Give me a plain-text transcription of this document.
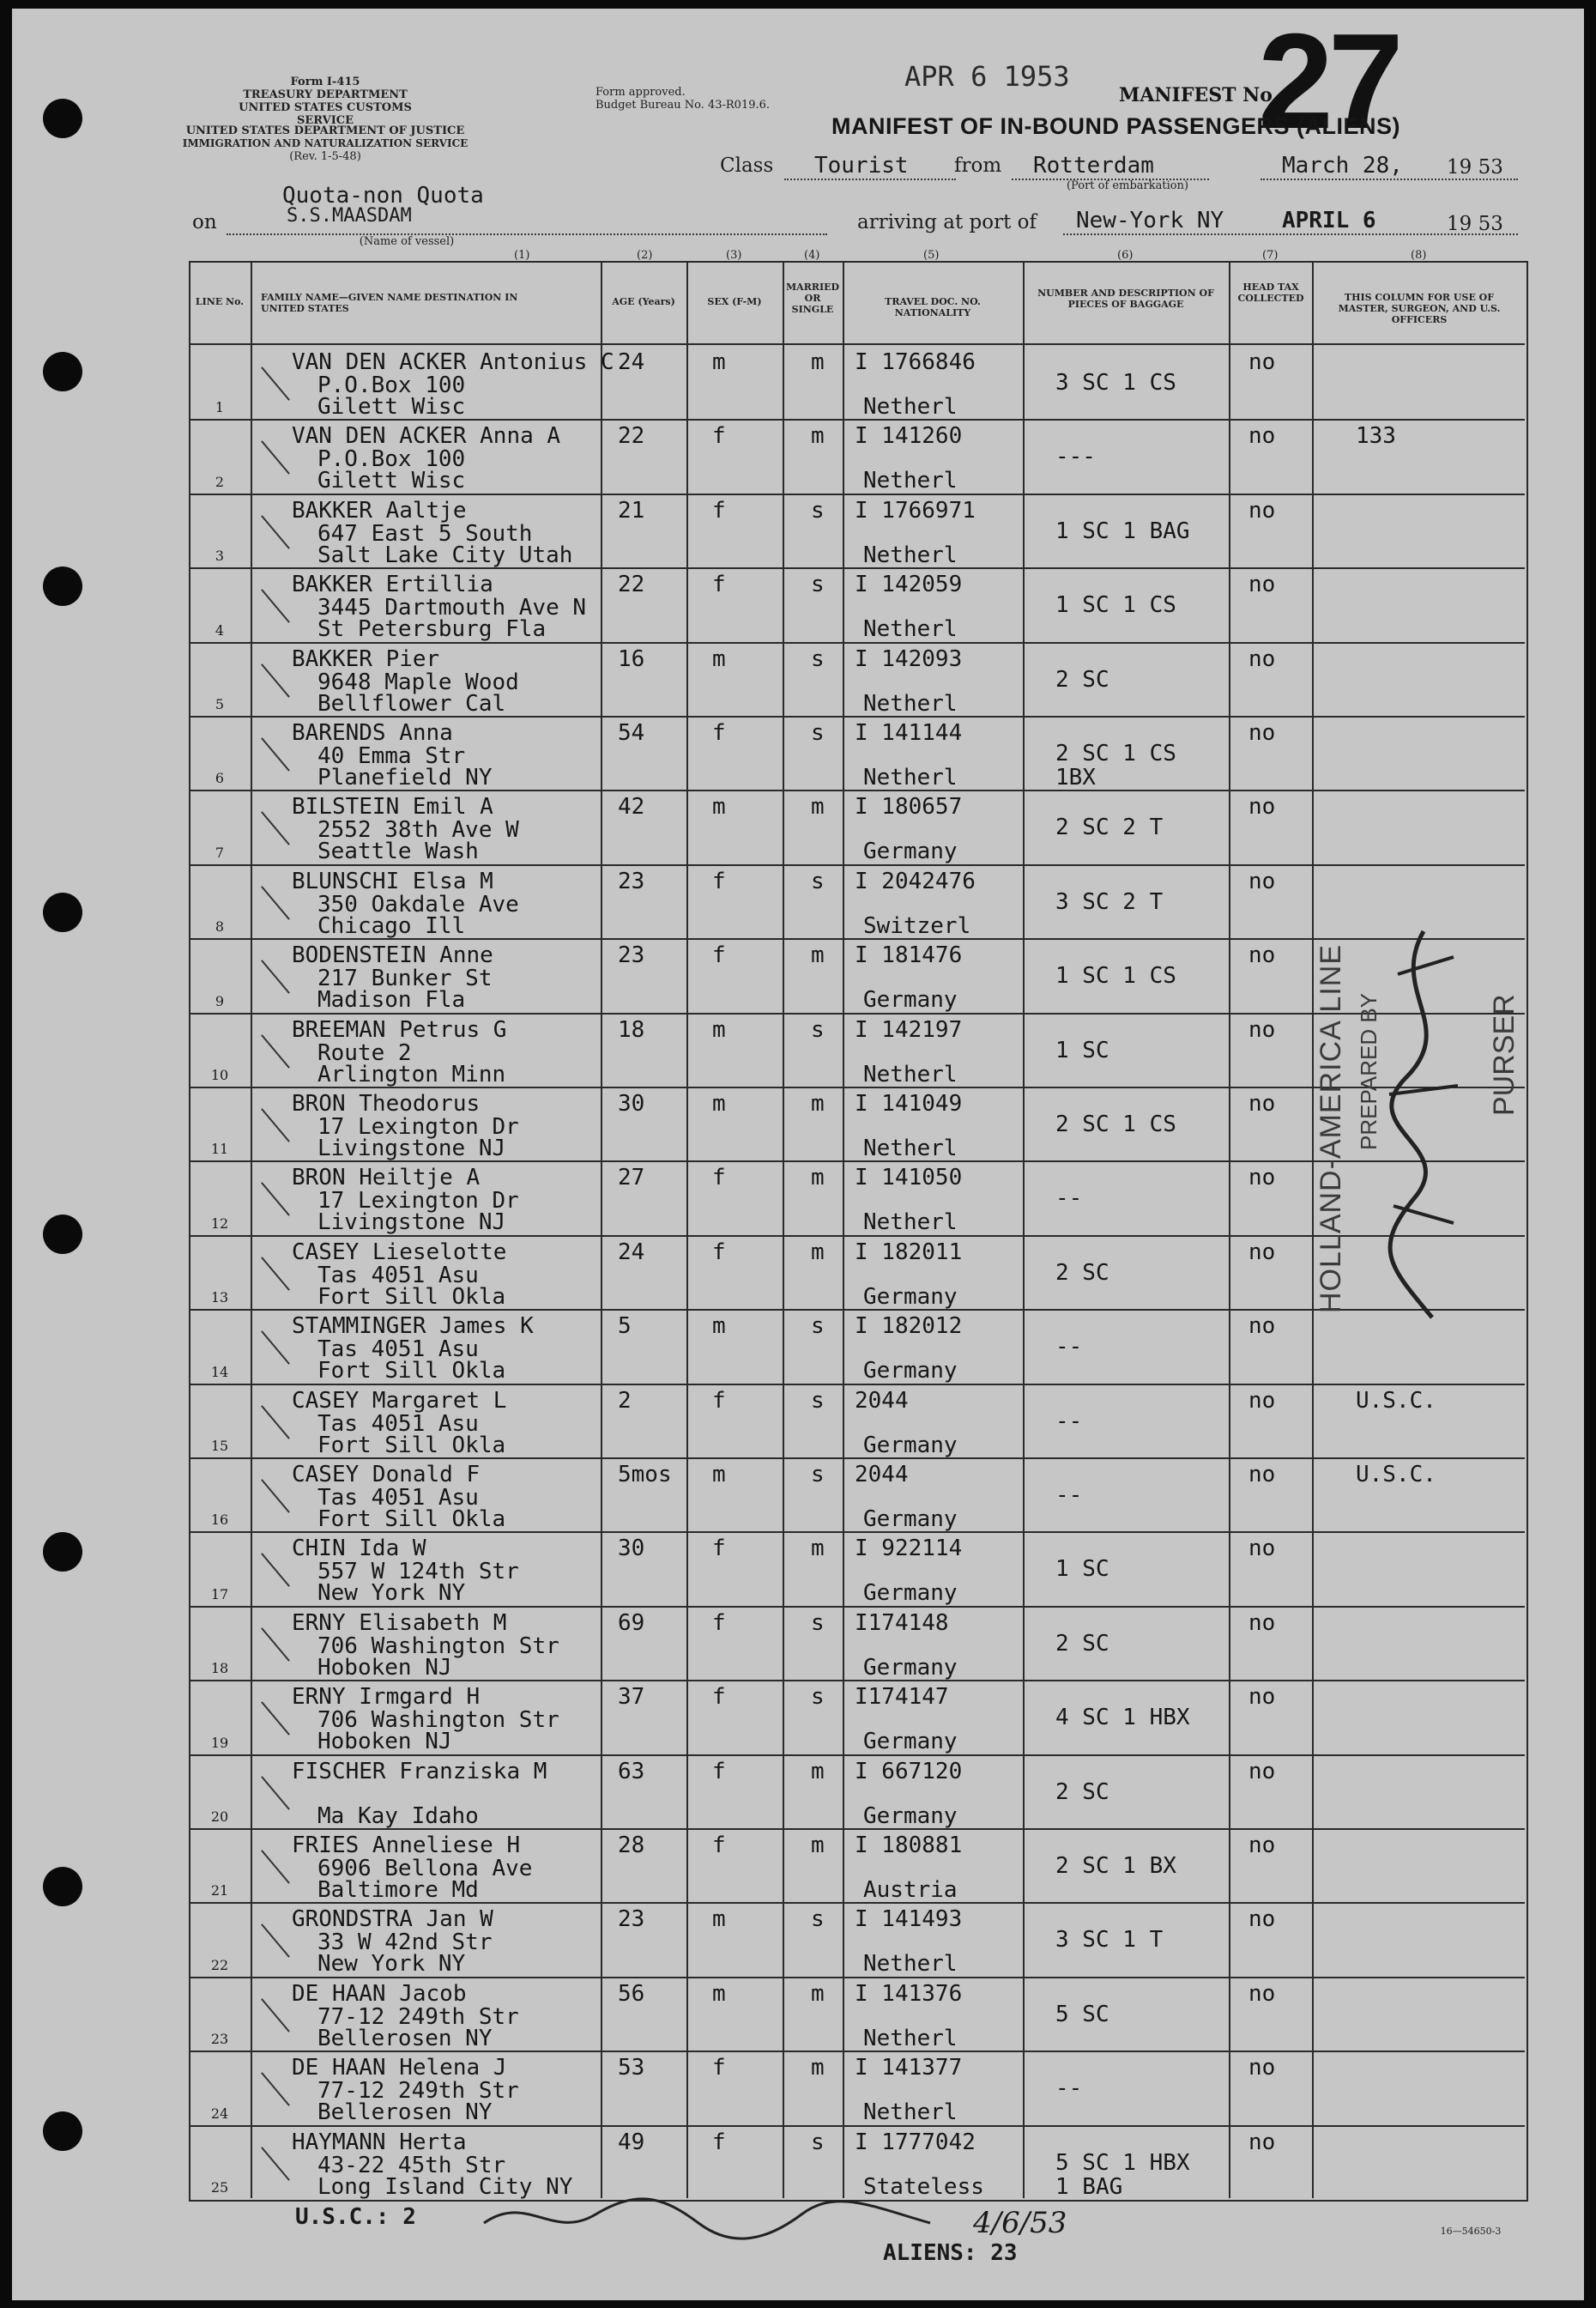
Form I-415
TREASURY DEPARTMENT
UNITED STATES CUSTOMS SERVICE
UNITED STATES DEPARTMENT OF JUSTICE
IMMIGRATION AND NATURALIZATION SERVICE
(Rev. 1-5-48)
Form approved.
Budget Bureau No. 43-R019.6.
APR 6 1953
MANIFEST No.
27
MANIFEST OF IN-BOUND PASSENGERS (ALIENS)
Class Tourist from Rotterdam
(Port of embarkation)
March 28, 19 53
Quota-non Quota
on	S.S.MAASDAM
(Name of vessel)
arriving at port of New-York NY	APRIL 6	19 53
(1)	(2)	(3)	(4)	(5)	(6)	(7)	(8)
LINE No. FAMILY NAME—GIVEN NAME DESTINATION IN UNITED STATES
AGE (Years)	SEX (F-M)
MARRIED OR SINGLE
TRAVEL DOC. NO. NATIONALITY
NUMBER AND DESCRIPTION OF PIECES OF BAGGAGE
HEAD TAX COLLECTED	THIS COLUMN FOR USE OF MASTER, SURGEON, AND U.S. OFFICERS
1
VAN DEN ACKER Antonius C
P.O.Box 100
Gilett Wisc
24	m	m I 1766846
Netherl
3 SC 1 CS
no
2
VAN DEN ACKER Anna A
P.O.Box 100
Gilett Wisc
22	f	m I 141260
Netherl
---
no	133
3
BAKKER Aaltje
647 East 5 South
Salt Lake City Utah
21	f	s I 1766971
Netherl
1 SC 1 BAG
no
4
BAKKER Ertillia
3445 Dartmouth Ave N
St Petersburg Fla
22	f	s I 142059
Netherl
1 SC 1 CS
no
5
BAKKER Pier
9648 Maple Wood
Bellflower Cal
16	m	s I 142093
Netherl
2 SC
no
6
BARENDS Anna
40 Emma Str
Planefield NY
54	f	s I 141144
Netherl
2 SC 1 CS
1BX
no
7
BILSTEIN Emil A
2552 38th Ave W
Seattle Wash
42	m	m I 180657
Germany
2 SC 2 T
no
8
BLUNSCHI Elsa M
350 Oakdale Ave
Chicago Ill
23	f	s I 2042476
Switzerl
3 SC 2 T
no
9
BODENSTEIN Anne
217 Bunker St
Madison Fla
23	f	m I 181476
Germany
1 SC 1 CS
no
10
BREEMAN Petrus G
Route 2
Arlington Minn
18	m	s I 142197
Netherl
1 SC
no
11
BRON Theodorus
17 Lexington Dr
Livingstone NJ
30	m	m I 141049
Netherl
2 SC 1 CS
no
12
BRON Heiltje A
17 Lexington Dr
Livingstone NJ
27	f	m I 141050
Netherl
--
no
13
CASEY Lieselotte
Tas 4051 Asu
Fort Sill Okla
24	f	m I 182011
Germany
2 SC
no
14
STAMMINGER James K
Tas 4051 Asu
Fort Sill Okla
5	m	s I 182012
Germany
--
no
15
CASEY Margaret L
Tas 4051 Asu
Fort Sill Okla
2	f	s 2044
Germany
--
no	U.S.C.
16
CASEY Donald F
Tas 4051 Asu
Fort Sill Okla
5mos m	s 2044
Germany
--
no	U.S.C.
17
CHIN Ida W
557 W 124th Str
New York NY
30	f	m I 922114
Germany
1 SC
no
18
ERNY Elisabeth M
706 Washington Str
Hoboken NJ
69	f	s I174148
Germany
2 SC
no
19
ERNY Irmgard H
706 Washington Str
Hoboken NJ
37	f	s I174147
Germany
4 SC 1 HBX
no
20
FISCHER Franziska M
Ma Kay Idaho
63	f	m I 667120
Germany
2 SC
no
21
FRIES Anneliese H
6906 Bellona Ave
Baltimore Md
28	f	m I 180881
Austria
2 SC 1 BX
no
22
GRONDSTRA Jan W
33 W 42nd Str
New York NY
23	m	s I 141493
Netherl
3 SC 1 T
no
23
DE HAAN Jacob
77-12 249th Str
Bellerosen NY
56	m	m I 141376
Netherl
5 SC
no
24
DE HAAN Helena J
77-12 249th Str
Bellerosen NY
53	f	m I 141377
Netherl
--
no
25
HAYMANN Herta
43-22 45th Str
Long Island City NY
49	f	s I 1777042
Stateless
5 SC 1 HBX
1 BAG
no
HOLLAND-AMERICA LINE PREPARED BY	PURSER
U.S.C.: 2
ALIENS: 23
4/6/53	16—54650-3
